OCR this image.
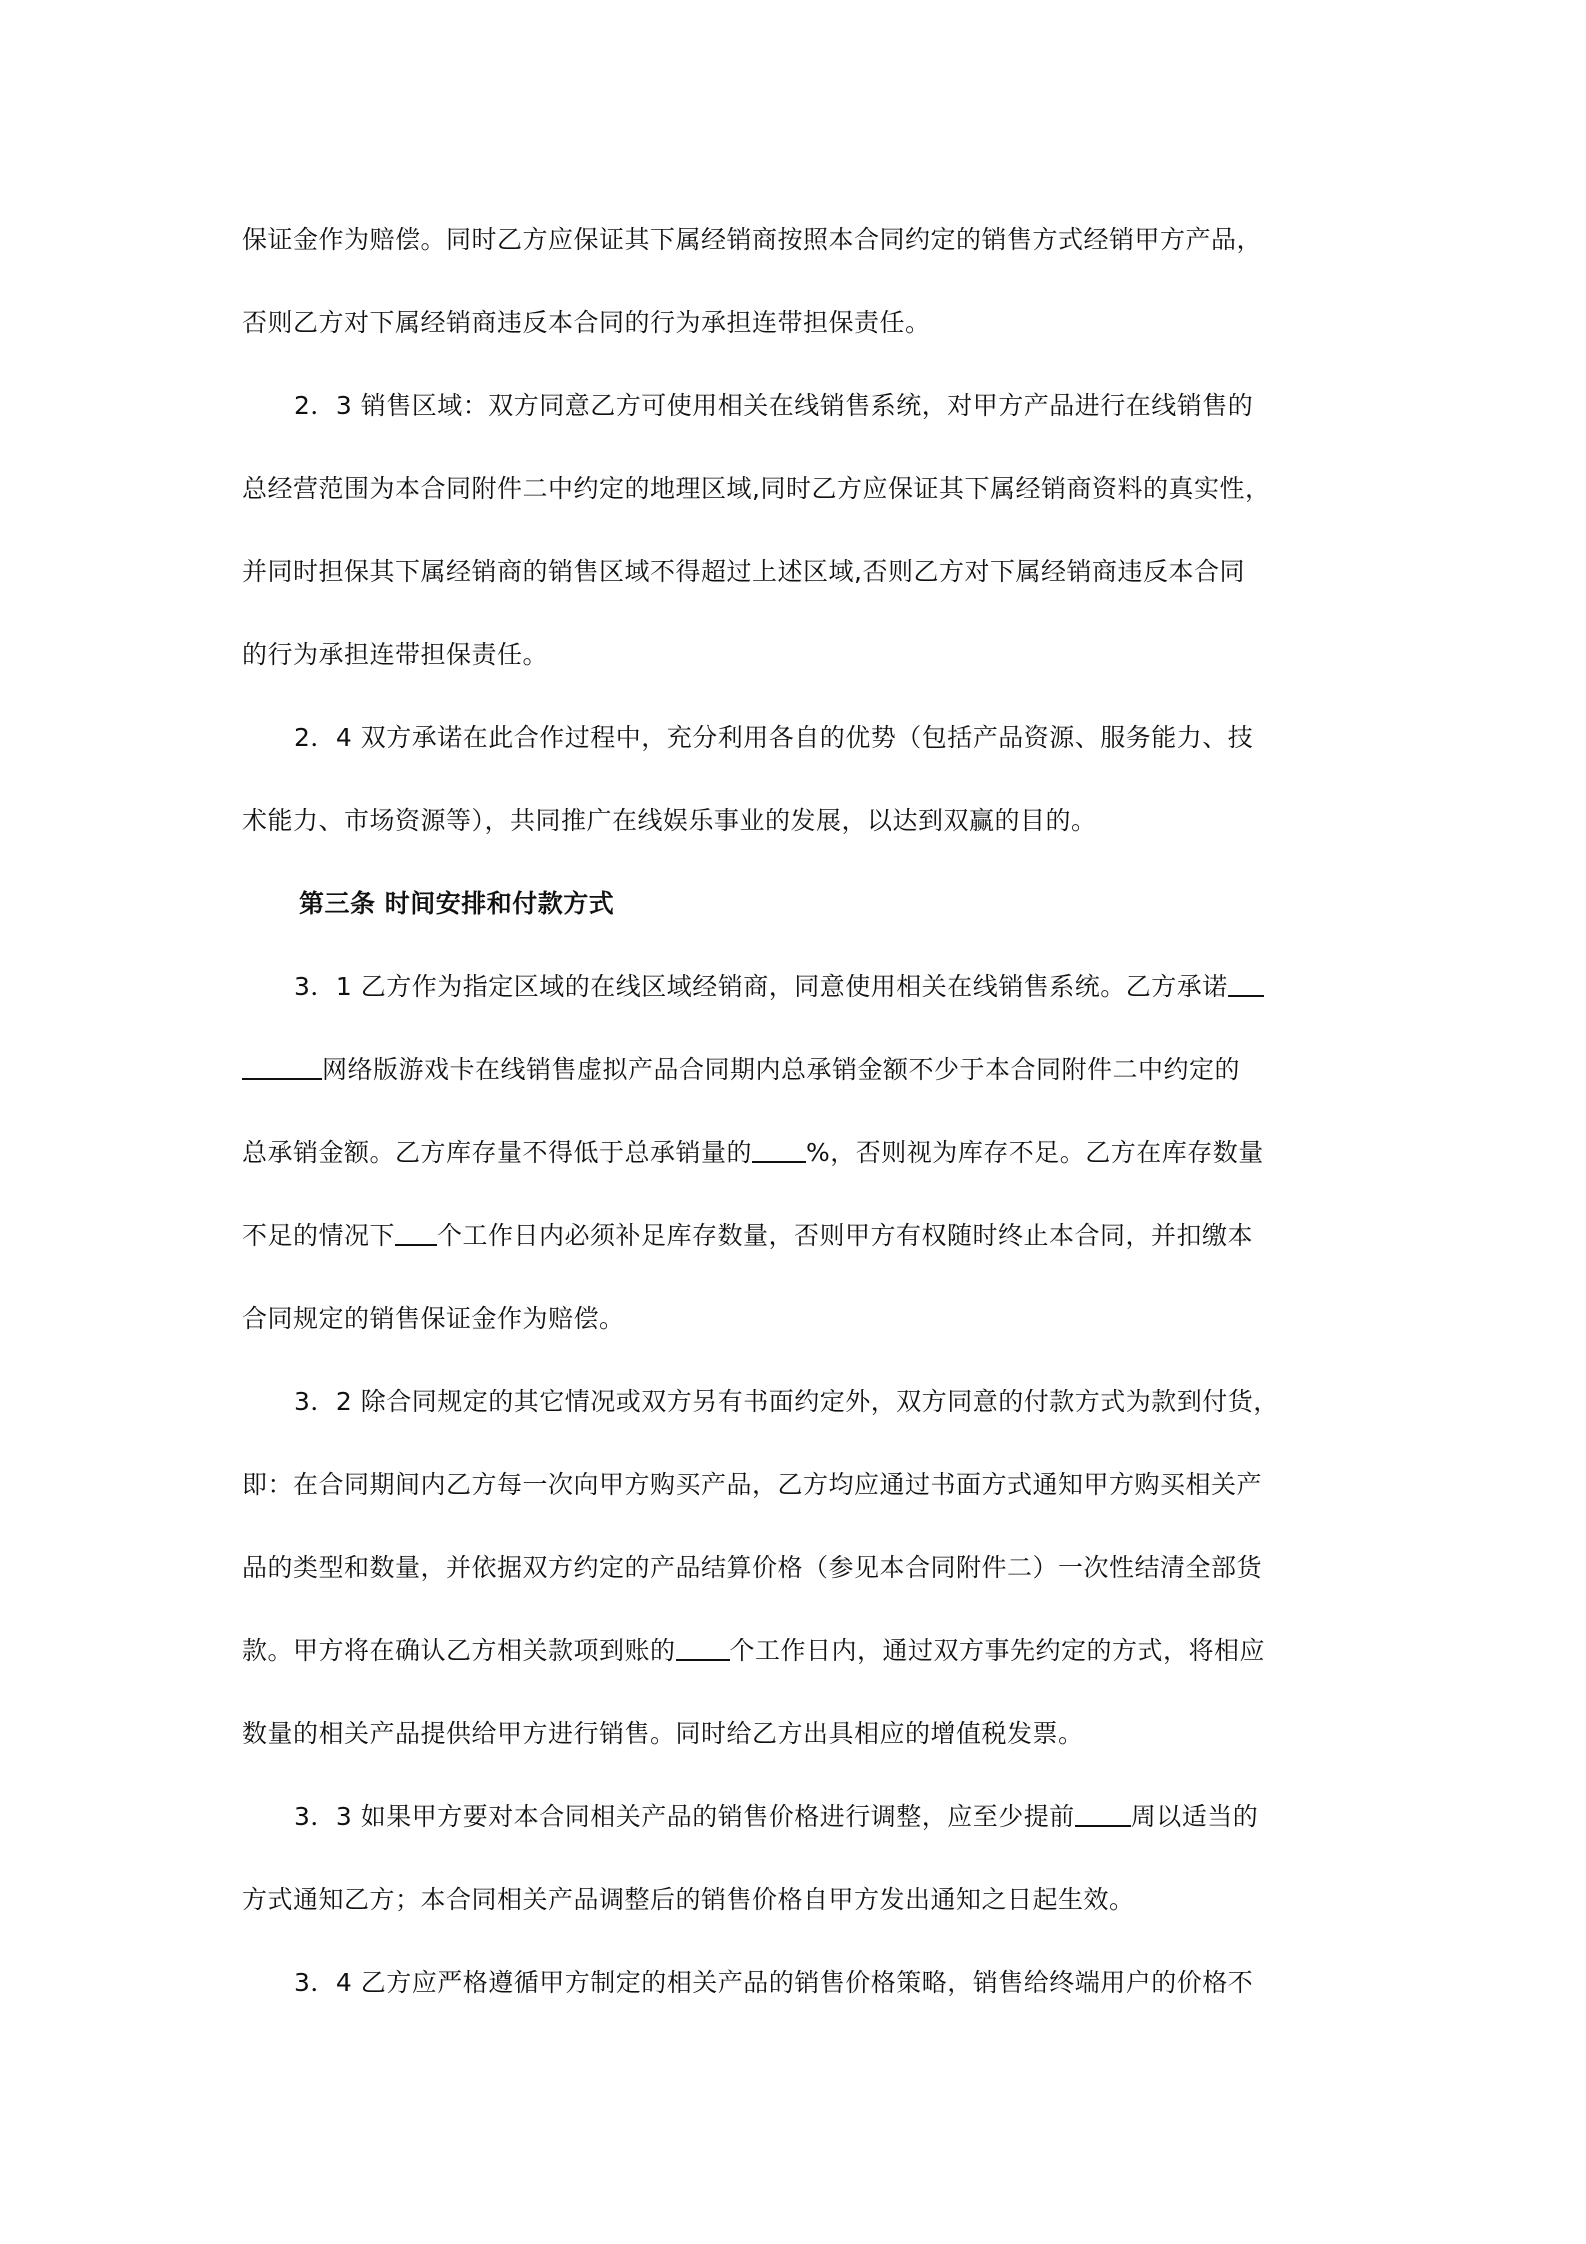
保证金作为赔偿。同时乙方应保证其下属经销商按照本合同约定的销售方式经销甲方产品，
否则乙方对下属经销商违反本合同的行为承担连带担保责任。
2．3 销售区域：双方同意乙方可使用相关在线销售系统，对甲方产品进行在线销售的
总经营范围为本合同附件二中约定的地理区域,同时乙方应保证其下属经销商资料的真实性，
并同时担保其下属经销商的销售区域不得超过上述区域,否则乙方对下属经销商违反本合同
的行为承担连带担保责任。
2．4 双方承诺在此合作过程中，充分利用各自的优势（包括产品资源、服务能力、技
术能力、市场资源等），共同推广在线娱乐事业的发展，以达到双赢的目的。
第三条 时间安排和付款方式
3．1 乙方作为指定区域的在线区域经销商，同意使用相关在线销售系统。乙方承诺
网络版游戏卡在线销售虚拟产品合同期内总承销金额不少于本合同附件二中约定的
总承销金额。乙方库存量不得低于总承销量的 %，否则视为库存不足。乙方在库存数量
不足的情况下 个工作日内必须补足库存数量，否则甲方有权随时终止本合同，并扣缴本
合同规定的销售保证金作为赔偿。
3．2 除合同规定的其它情况或双方另有书面约定外，双方同意的付款方式为款到付货，
即：在合同期间内乙方每一次向甲方购买产品，乙方均应通过书面方式通知甲方购买相关产
品的类型和数量，并依据双方约定的产品结算价格（参见本合同附件二）一次性结清全部货
款。甲方将在确认乙方相关款项到账的 个工作日内，通过双方事先约定的方式，将相应
数量的相关产品提供给甲方进行销售。同时给乙方出具相应的增值税发票。
3．3 如果甲方要对本合同相关产品的销售价格进行调整，应至少提前 周以适当的
方式通知乙方；本合同相关产品调整后的销售价格自甲方发出通知之日起生效。
3．4 乙方应严格遵循甲方制定的相关产品的销售价格策略，销售给终端用户的价格不
